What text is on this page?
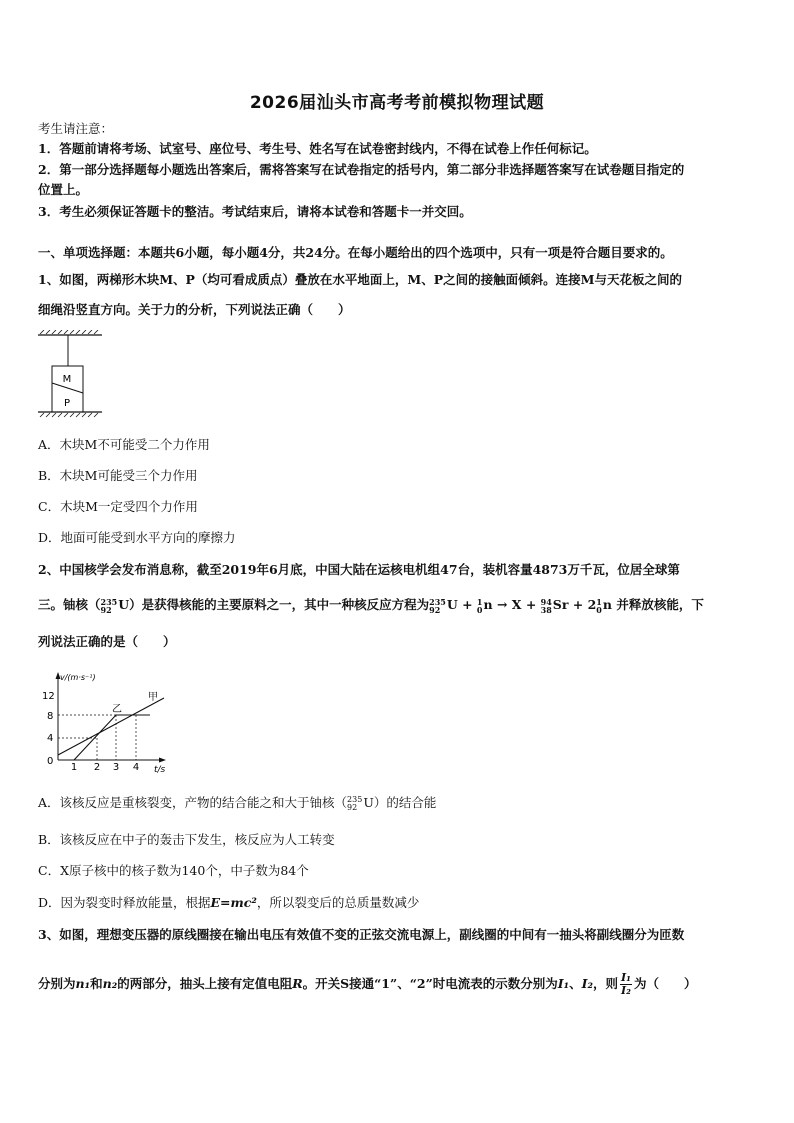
2026届汕头市高考考前模拟物理试题
考生请注意：
1．答题前请将考场、试室号、座位号、考生号、姓名写在试卷密封线内，不得在试卷上作任何标记。
2．第一部分选择题每小题选出答案后，需将答案写在试卷指定的括号内，第二部分非选择题答案写在试卷题目指定的
位置上。
3．考生必须保证答题卡的整洁。考试结束后，请将本试卷和答题卡一并交回。
一、单项选择题：本题共6小题，每小题4分，共24分。在每小题给出的四个选项中，只有一项是符合题目要求的。
1、如图，两梯形木块M、P（均可看成质点）叠放在水平地面上，M、P之间的接触面倾斜。连接M与天花板之间的
细绳沿竖直方向。关于力的分析，下列说法正确（　　）
M
P
A．木块M不可能受二个力作用
B．木块M可能受三个力作用
C．木块M一定受四个力作用
D．地面可能受到水平方向的摩擦力
2、中国核学会发布消息称，截至2019年6月底，中国大陆在运核电机组47台，装机容量4873万千瓦，位居全球第
三。铀核（ 235
92 U）是获得核能的主要原料之一，其中一种核反应方程为 235
92 U + 1
0 n → X + 94
38 Sr + 2 1
0 n 并释放核能，下
列说法正确的是（　　）
v/(m·s⁻¹)
t/s
12
8
4
0
1 2 3 4
甲
乙
A．该核反应是重核裂变，产物的结合能之和大于铀核（ 235
92 U）的结合能
B．该核反应在中子的轰击下发生，核反应为人工转变
C．X原子核中的核子数为140个，中子数为84个
D．因为裂变时释放能量，根据E=mc²，所以裂变后的总质量数减少
3、如图，理想变压器的原线圈接在输出电压有效值不变的正弦交流电源上，副线圈的中间有一抽头将副线圈分为匝数
分别为n₁和n₂的两部分，抽头上接有定值电阻R。开关S接通“1”、“2”时电流表的示数分别为I₁、I₂，则 $\frac{\text{I₁}}{\text{I₂}}$ 为（　　）
